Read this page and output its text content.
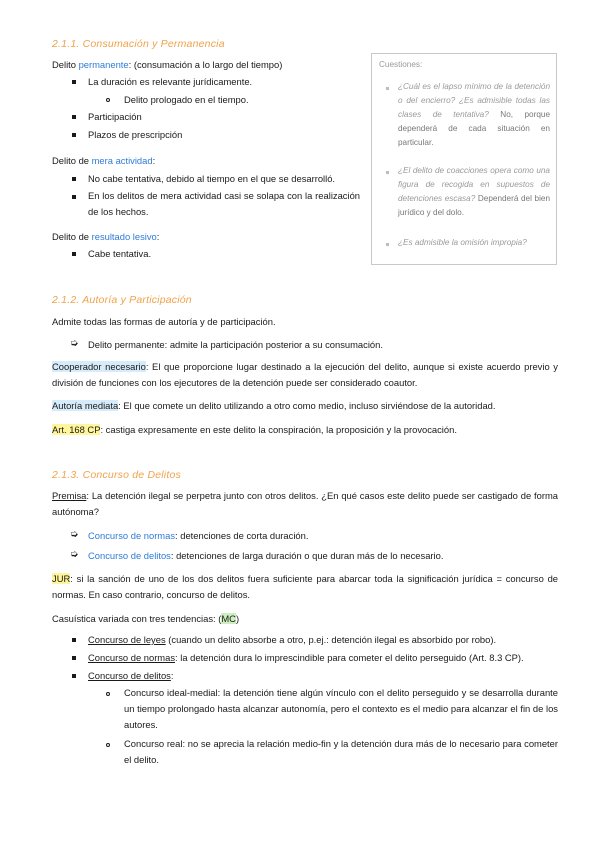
2.1.1. Consumación y Permanencia
Delito permanente: (consumación a lo largo del tiempo)
La duración es relevante jurídicamente.
Delito prologado en el tiempo.
Participación
Plazos de prescripción
Delito de mera actividad:
No cabe tentativa, debido al tiempo en el que se desarrolló.
En los delitos de mera actividad casi se solapa con la realización de los hechos.
Delito de resultado lesivo:
Cabe tentativa.
Cuestiones:
¿Cuál es el lapso mínimo de la detención o del encierro? ¿Es admisible todas las clases de tentativa? No, porque dependerá de cada situación en particular.
¿El delito de coacciones opera como una figura de recogida en supuestos de detenciones escasa? Dependerá del bien jurídico y del dolo.
¿Es admisible la omisión impropia?
2.1.2. Autoría y Participación
Admite todas las formas de autoría y de participación.
➭ Delito permanente: admite la participación posterior a su consumación.
Cooperador necesario: El que proporcione lugar destinado a la ejecución del delito, aunque si existe acuerdo previo y división de funciones con los ejecutores de la detención puede ser considerado coautor.
Autoría mediata: El que comete un delito utilizando a otro como medio, incluso sirviéndose de la autoridad.
Art. 168 CP: castiga expresamente en este delito la conspiración, la proposición y la provocación.
2.1.3. Concurso de Delitos
Premisa: La detención ilegal se perpetra junto con otros delitos. ¿En qué casos este delito puede ser castigado de forma autónoma?
➭ Concurso de normas: detenciones de corta duración.
➭ Concurso de delitos: detenciones de larga duración o que duran más de lo necesario.
JUR: si la sanción de uno de los dos delitos fuera suficiente para abarcar toda la significación jurídica = concurso de normas. En caso contrario, concurso de delitos.
Casuística variada con tres tendencias: (MC)
Concurso de leyes (cuando un delito absorbe a otro, p.ej.: detención ilegal es absorbido por robo).
Concurso de normas: la detención dura lo imprescindible para cometer el delito perseguido (Art. 8.3 CP).
Concurso de delitos:
Concurso ideal-medial: la detención tiene algún vínculo con el delito perseguido y se desarrolla durante un tiempo prolongado hasta alcanzar autonomía, pero el contexto es el medio para alcanzar el fin de los autores.
Concurso real: no se aprecia la relación medio-fin y la detención dura más de lo necesario para cometer el delito.
